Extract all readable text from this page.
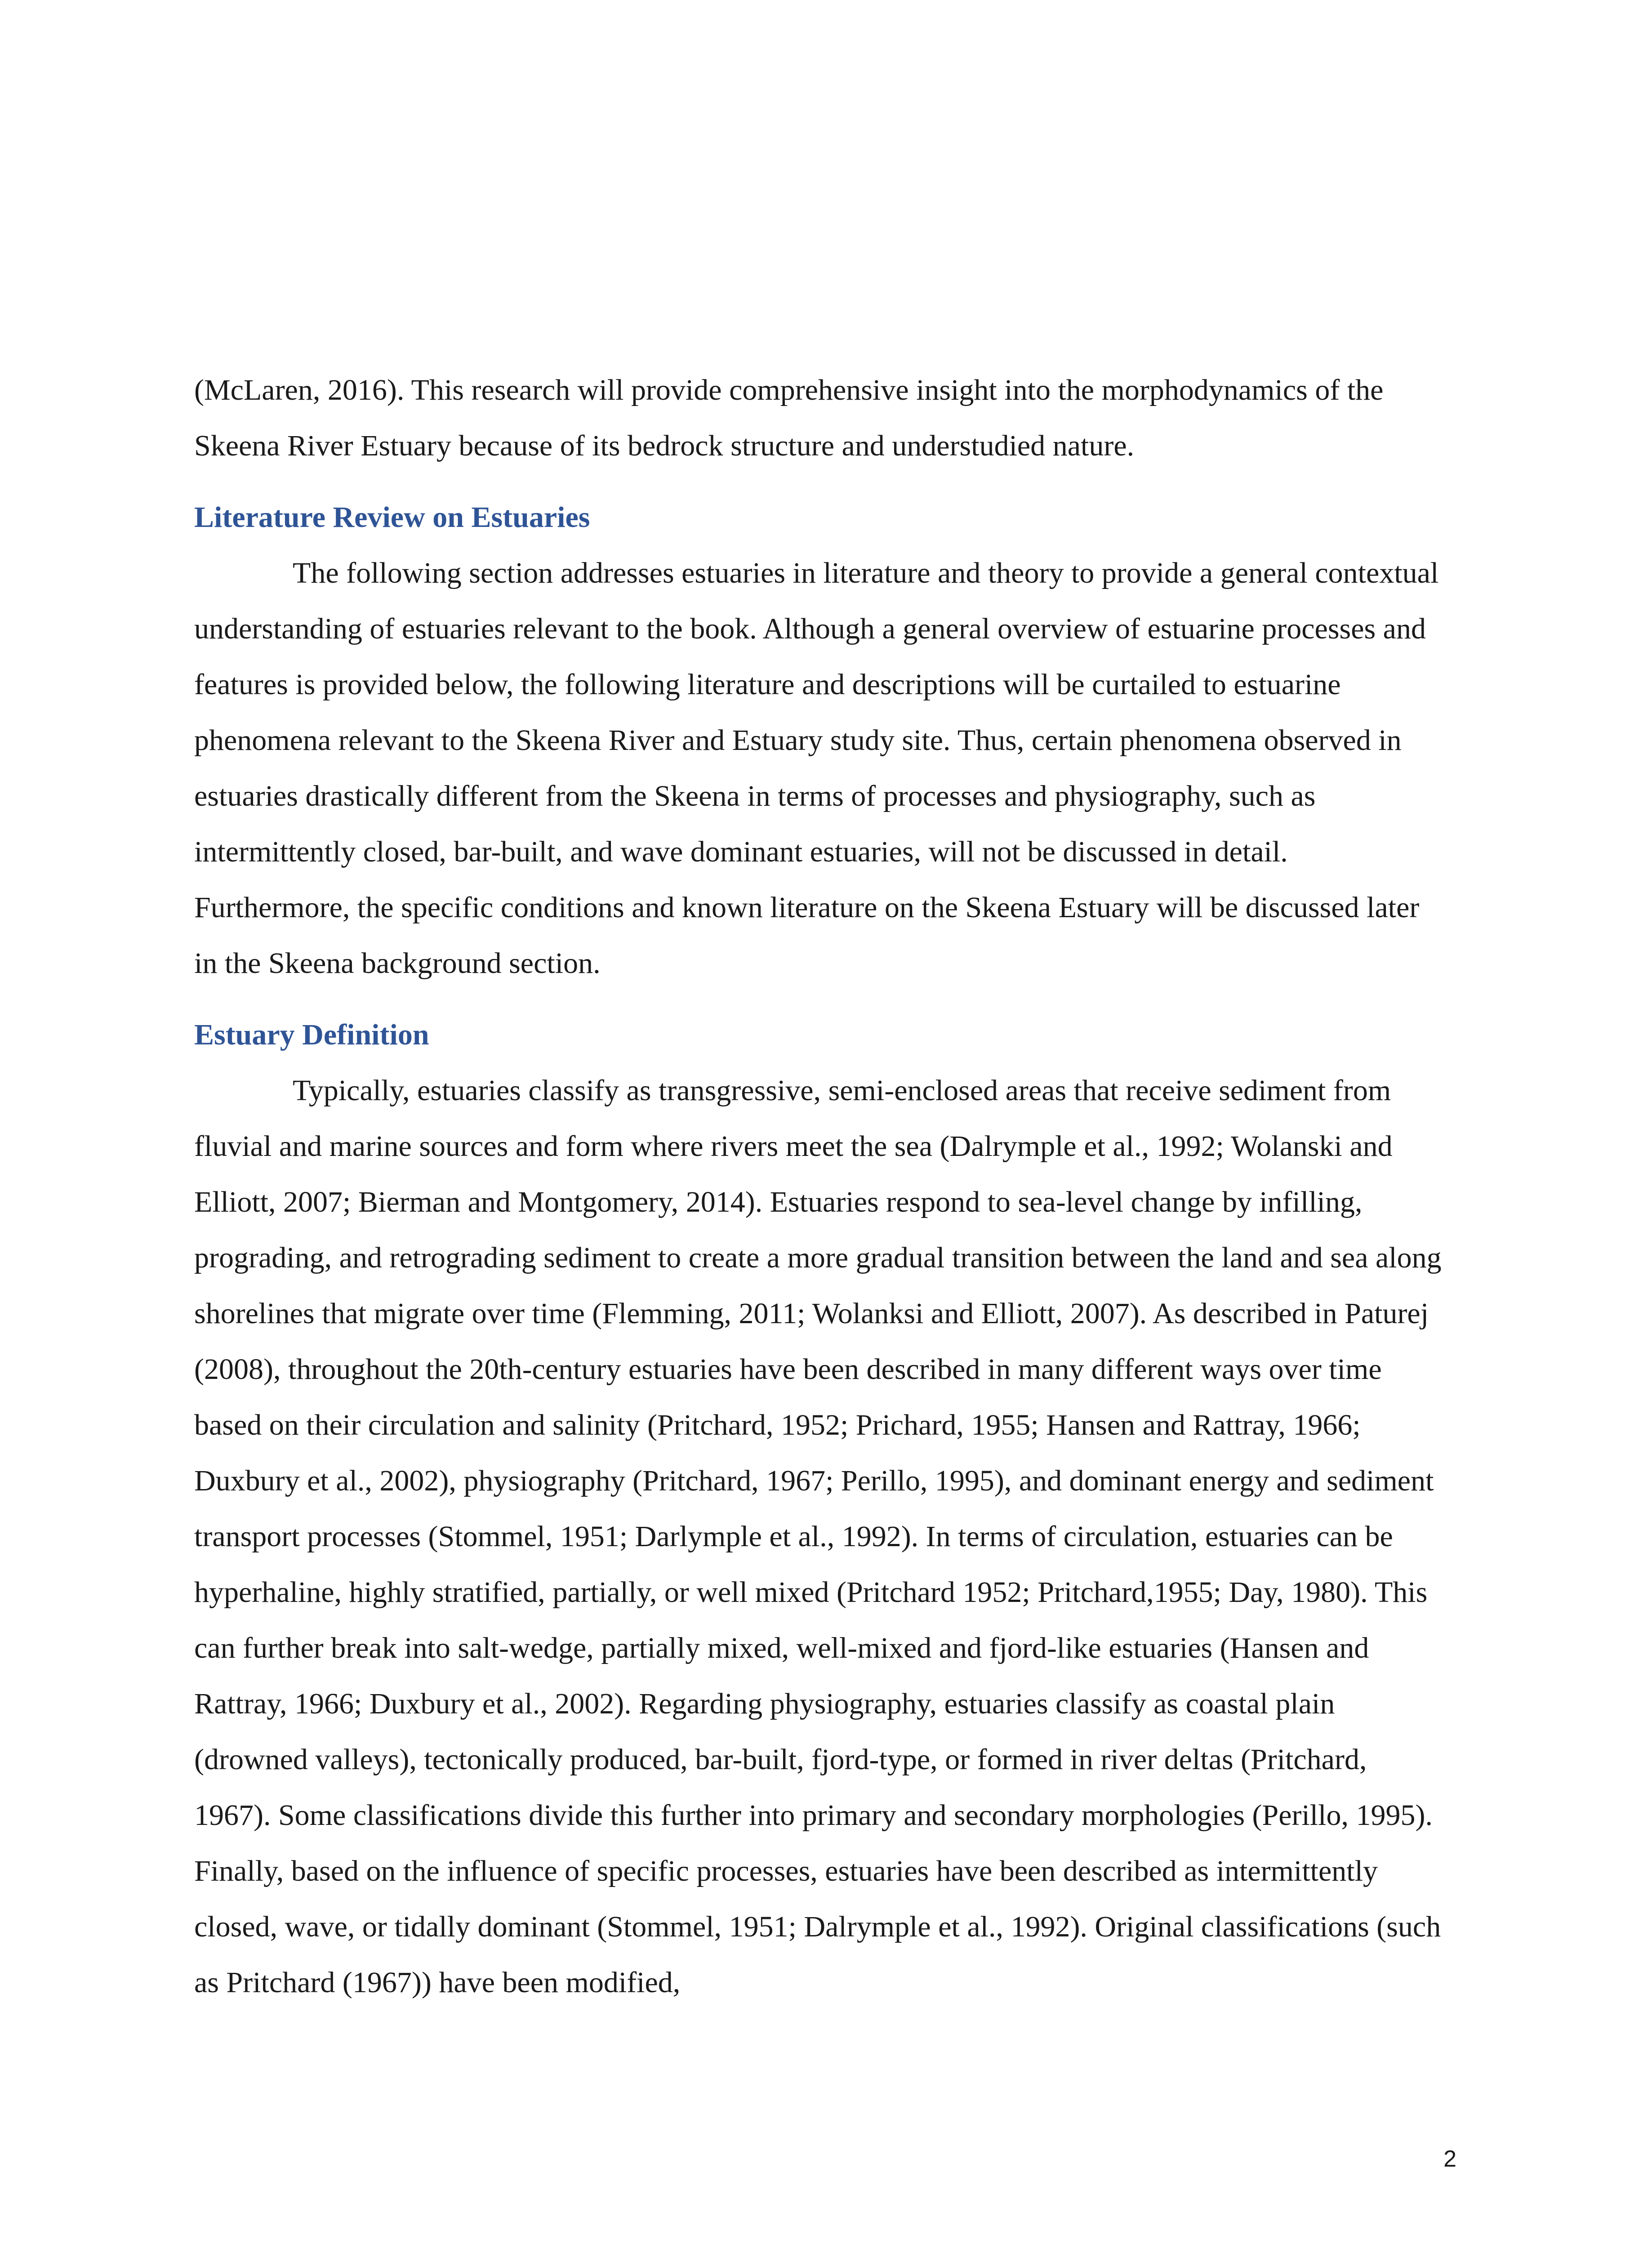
(McLaren, 2016). This research will provide comprehensive insight into the morphodynamics of the Skeena River Estuary because of its bedrock structure and understudied nature.

Literature Review on Estuaries

The following section addresses estuaries in literature and theory to provide a general contextual understanding of estuaries relevant to the book. Although a general overview of estuarine processes and features is provided below, the following literature and descriptions will be curtailed to estuarine phenomena relevant to the Skeena River and Estuary study site. Thus, certain phenomena observed in estuaries drastically different from the Skeena in terms of processes and physiography, such as intermittently closed, bar-built, and wave dominant estuaries, will not be discussed in detail. Furthermore, the specific conditions and known literature on the Skeena Estuary will be discussed later in the Skeena background section.

Estuary Definition

Typically, estuaries classify as transgressive, semi-enclosed areas that receive sediment from fluvial and marine sources and form where rivers meet the sea (Dalrymple et al., 1992; Wolanski and Elliott, 2007; Bierman and Montgomery, 2014). Estuaries respond to sea-level change by infilling, prograding, and retrograding sediment to create a more gradual transition between the land and sea along shorelines that migrate over time (Flemming, 2011; Wolanksi and Elliott, 2007). As described in Paturej (2008), throughout the 20th-century estuaries have been described in many different ways over time based on their circulation and salinity (Pritchard, 1952; Prichard, 1955; Hansen and Rattray, 1966; Duxbury et al., 2002), physiography (Pritchard, 1967; Perillo, 1995), and dominant energy and sediment transport processes (Stommel, 1951; Darlymple et al., 1992). In terms of circulation, estuaries can be hyperhaline, highly stratified, partially, or well mixed (Pritchard 1952; Pritchard,1955; Day, 1980). This can further break into salt-wedge, partially mixed, well-mixed and fjord-like estuaries (Hansen and Rattray, 1966; Duxbury et al., 2002). Regarding physiography, estuaries classify as coastal plain (drowned valleys), tectonically produced, bar-built, fjord-type, or formed in river deltas (Pritchard, 1967). Some classifications divide this further into primary and secondary morphologies (Perillo, 1995). Finally, based on the influence of specific processes, estuaries have been described as intermittently closed, wave, or tidally dominant (Stommel, 1951; Dalrymple et al., 1992). Original classifications (such as Pritchard (1967)) have been modified,

2
